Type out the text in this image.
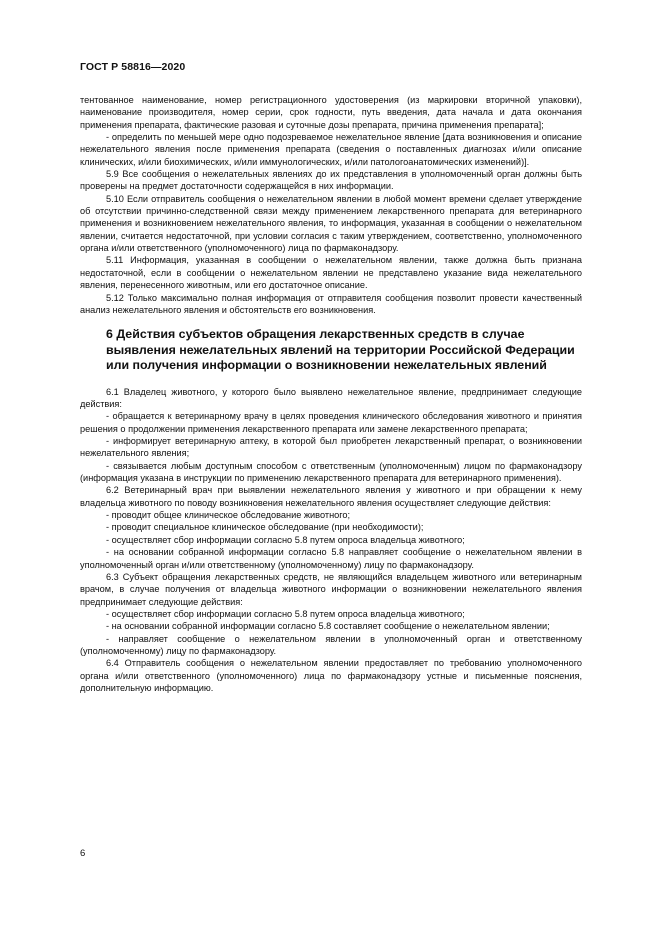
ГОСТ Р 58816—2020

тентованное наименование, номер регистрационного удостоверения (из маркировки вторичной упаковки), наименование производителя, номер серии, срок годности, путь введения, дата начала и дата окончания применения препарата, фактические разовая и суточные дозы препарата, причина применения препарата];

- определить по меньшей мере одно подозреваемое нежелательное явление [дата возникновения и описание нежелательного явления после применения препарата (сведения о поставленных диагнозах и/или описание клинических, и/или биохимических, и/или иммунологических, и/или патологоанатомических изменений)].

5.9 Все сообщения о нежелательных явлениях до их представления в уполномоченный орган должны быть проверены на предмет достаточности содержащейся в них информации.

5.10 Если отправитель сообщения о нежелательном явлении в любой момент времени сделает утверждение об отсутствии причинно-следственной связи между применением лекарственного препарата для ветеринарного применения и возникновением нежелательного явления, то информация, указанная в сообщении о нежелательном явлении, считается недостаточной, при условии согласия с таким утверждением, соответственно, уполномоченного органа и/или ответственного (уполномоченного) лица по фармаконадзору.

5.11 Информация, указанная в сообщении о нежелательном явлении, также должна быть признана недостаточной, если в сообщении о нежелательном явлении не представлено указание вида нежелательного явления, перенесенного животным, или его достаточное описание.

5.12 Только максимально полная информация от отправителя сообщения позволит провести качественный анализ нежелательного явления и обстоятельств его возникновения.

6 Действия субъектов обращения лекарственных средств в случае выявления нежелательных явлений на территории Российской Федерации или получения информации о возникновении нежелательных явлений

6.1 Владелец животного, у которого было выявлено нежелательное явление, предпринимает следующие действия:

- обращается к ветеринарному врачу в целях проведения клинического обследования животного и принятия решения о продолжении применения лекарственного препарата или замене лекарственного препарата;

- информирует ветеринарную аптеку, в которой был приобретен лекарственный препарат, о возникновении нежелательного явления;

- связывается любым доступным способом с ответственным (уполномоченным) лицом по фармаконадзору (информация указана в инструкции по применению лекарственного препарата для ветеринарного применения).

6.2 Ветеринарный врач при выявлении нежелательного явления у животного и при обращении к нему владельца животного по поводу возникновения нежелательного явления осуществляет следующие действия:

- проводит общее клиническое обследование животного;

- проводит специальное клиническое обследование (при необходимости);

- осуществляет сбор информации согласно 5.8 путем опроса владельца животного;

- на основании собранной информации согласно 5.8 направляет сообщение о нежелательном явлении в уполномоченный орган и/или ответственному (уполномоченному) лицу по фармаконадзору.

6.3 Субъект обращения лекарственных средств, не являющийся владельцем животного или ветеринарным врачом, в случае получения от владельца животного информации о возникновении нежелательного явления предпринимает следующие действия:

- осуществляет сбор информации согласно 5.8 путем опроса владельца животного;

- на основании собранной информации согласно 5.8 составляет сообщение о нежелательном явлении;

- направляет сообщение о нежелательном явлении в уполномоченный орган и ответственному (уполномоченному) лицу по фармаконадзору.

6.4 Отправитель сообщения о нежелательном явлении предоставляет по требованию уполномоченного органа и/или ответственного (уполномоченного) лица по фармаконадзору устные и письменные пояснения, дополнительную информацию.

6
